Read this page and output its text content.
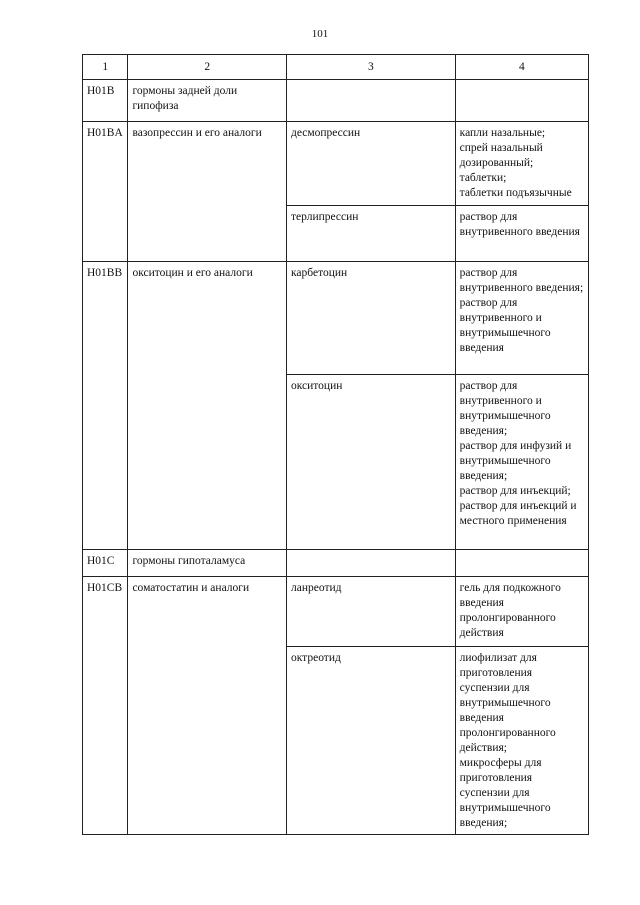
101
1	2	3	4
H01B	гормоны задней доли гипофиза		
H01BA	вазопрессин и его аналоги	десмопрессин	капли назальные;
спрей назальный дозированный;
таблетки;
таблетки подъязычные

		терлипрессин	раствор для внутривенного введения

H01BB	окситоцин и его аналоги	карбетоцин	раствор для внутривенного введения;
раствор для внутривенного и внутримышечного введения

		окситоцин	раствор для внутривенного и внутримышечного введения;
раствор для инфузий и внутримышечного введения;
раствор для инъекций;
раствор для инъекций и местного применения

H01C	гормоны гипоталамуса		
H01CB	соматостатин и аналоги	ланреотид	гель для подкожного введения пролонгированного действия

		октреотид	лиофилизат для приготовления суспензии для внутримышечного введения пролонгированного действия;
микросферы для приготовления суспензии для внутримышечного введения;
